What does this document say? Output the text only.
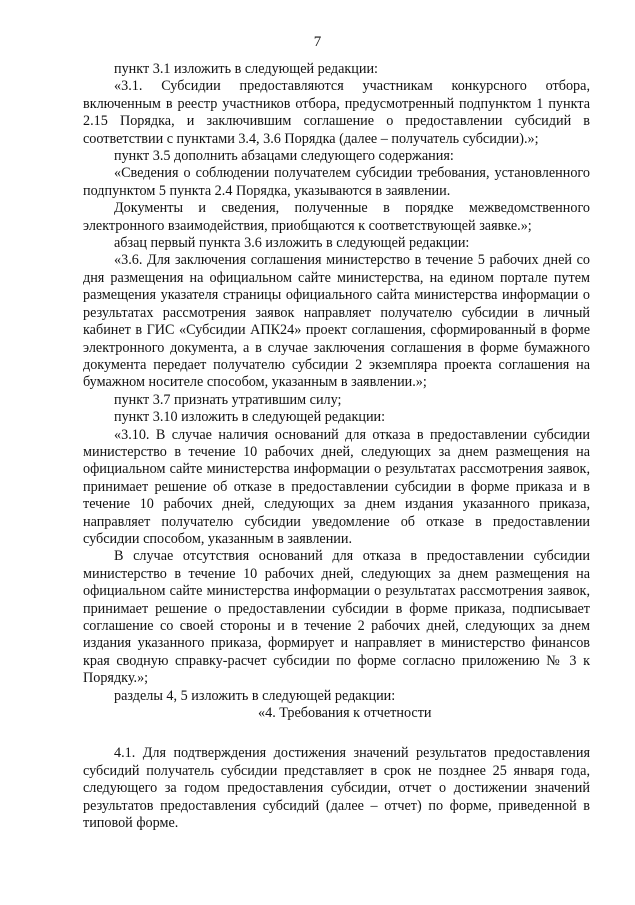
7

пункт 3.1 изложить в следующей редакции:

«3.1. Субсидии предоставляются участникам конкурсного отбора, включенным в реестр участников отбора, предусмотренный подпунктом 1 пункта 2.15 Порядка, и заключившим соглашение о предоставлении субсидий в соответствии с пунктами 3.4, 3.6 Порядка (далее – получатель субсидии).»;

пункт 3.5 дополнить абзацами следующего содержания:

«Сведения о соблюдении получателем субсидии требования, установленного подпунктом 5 пункта 2.4 Порядка, указываются в заявлении.

Документы и сведения, полученные в порядке межведомственного электронного взаимодействия, приобщаются к соответствующей заявке.»;

абзац первый пункта 3.6 изложить в следующей редакции:

«3.6. Для заключения соглашения министерство в течение 5 рабочих дней со дня размещения на официальном сайте министерства, на едином портале путем размещения указателя страницы официального сайта министерства информации о результатах рассмотрения заявок направляет получателю субсидии в личный кабинет в ГИС «Субсидии АПК24» проект соглашения, сформированный в форме электронного документа, а в случае заключения соглашения в форме бумажного документа передает получателю субсидии 2 экземпляра проекта соглашения на бумажном носителе способом, указанным в заявлении.»;

пункт 3.7 признать утратившим силу;

пункт 3.10 изложить в следующей редакции:

«3.10. В случае наличия оснований для отказа в предоставлении субсидии министерство в течение 10 рабочих дней, следующих за днем размещения на официальном сайте министерства информации о результатах рассмотрения заявок, принимает решение об отказе в предоставлении субсидии в форме приказа и в течение 10 рабочих дней, следующих за днем издания указанного приказа, направляет получателю субсидии уведомление об отказе в предоставлении субсидии способом, указанным в заявлении.

В случае отсутствия оснований для отказа в предоставлении субсидии министерство в течение 10 рабочих дней, следующих за днем размещения на официальном сайте министерства информации о результатах рассмотрения заявок, принимает решение о предоставлении субсидии в форме приказа, подписывает соглашение со своей стороны и в течение 2 рабочих дней, следующих за днем издания указанного приказа, формирует и направляет в министерство финансов края сводную справку-расчет субсидии по форме согласно приложению № 3 к Порядку.»;

разделы 4, 5 изложить в следующей редакции:

«4. Требования к отчетности

4.1. Для подтверждения достижения значений результатов предоставления субсидий получатель субсидии представляет в срок не позднее 25 января года, следующего за годом предоставления субсидии, отчет о достижении значений результатов предоставления субсидий (далее – отчет) по форме, приведенной в типовой форме.
